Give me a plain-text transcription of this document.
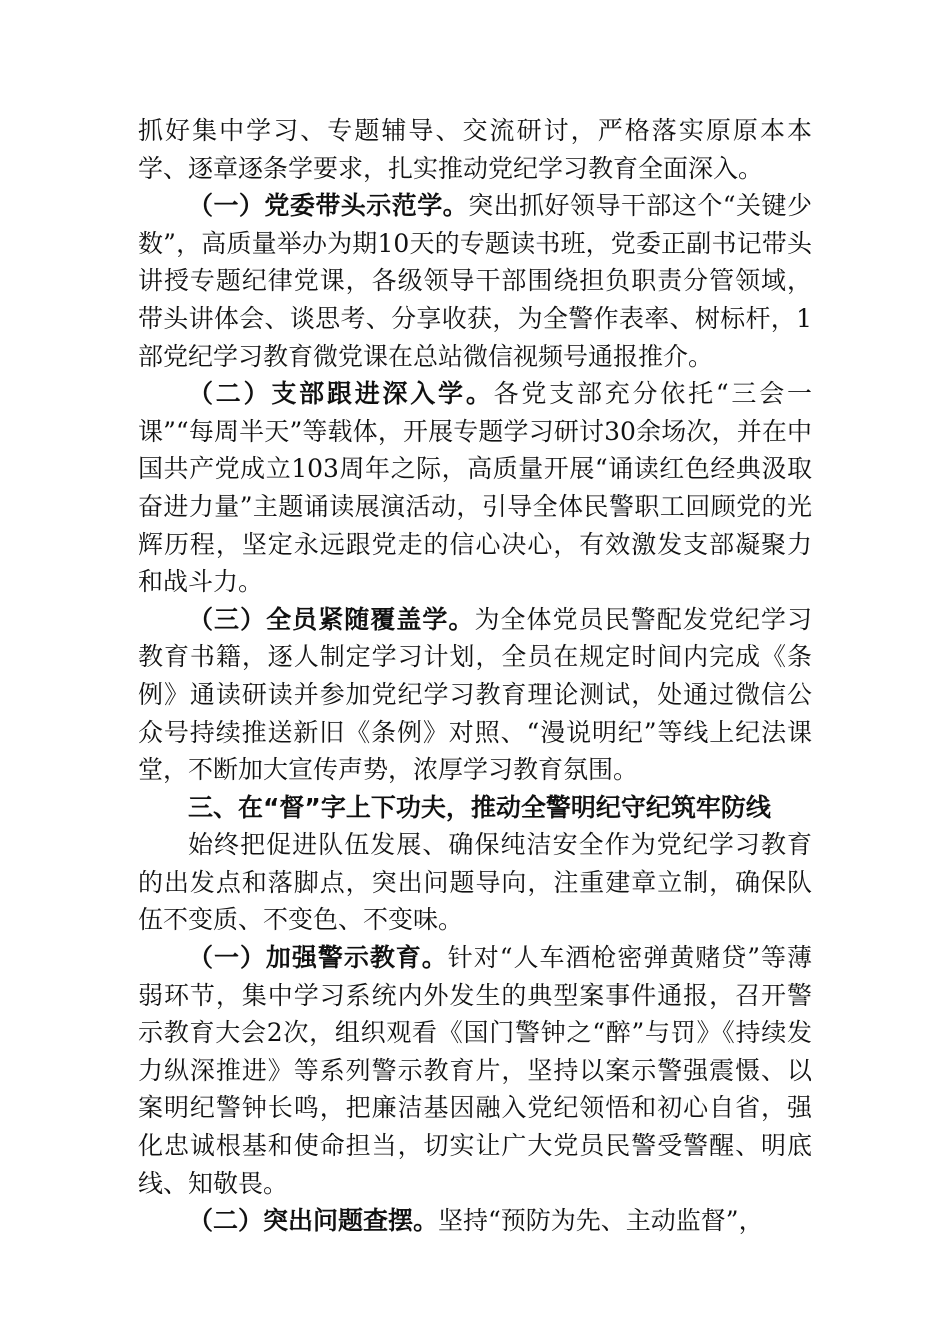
抓好集中学习、专题辅导、交流研讨，严格落实原原本本学、逐章逐条学要求，扎实推动党纪学习教育全面深入。

（一）党委带头示范学。突出抓好领导干部这个“关键少数”，高质量举办为期10天的专题读书班，党委正副书记带头讲授专题纪律党课，各级领导干部围绕担负职责分管领域，带头讲体会、谈思考、分享收获，为全警作表率、树标杆，1部党纪学习教育微党课在总站微信视频号通报推介。

（二）支部跟进深入学。各党支部充分依托“三会一课”“每周半天”等载体，开展专题学习研讨30余场次，并在中国共产党成立103周年之际，高质量开展“诵读红色经典汲取奋进力量”主题诵读展演活动，引导全体民警职工回顾党的光辉历程，坚定永远跟党走的信心决心，有效激发支部凝聚力和战斗力。

（三）全员紧随覆盖学。为全体党员民警配发党纪学习教育书籍，逐人制定学习计划，全员在规定时间内完成《条例》通读研读并参加党纪学习教育理论测试，处通过微信公众号持续推送新旧《条例》对照、“漫说明纪”等线上纪法课堂，不断加大宣传声势，浓厚学习教育氛围。

三、在“督”字上下功夫，推动全警明纪守纪筑牢防线

始终把促进队伍发展、确保纯洁安全作为党纪学习教育的出发点和落脚点，突出问题导向，注重建章立制，确保队伍不变质、不变色、不变味。

（一）加强警示教育。针对“人车酒枪密弹黄赌贷”等薄弱环节，集中学习系统内外发生的典型案事件通报，召开警示教育大会2次，组织观看《国门警钟之“醉”与罚》《持续发力纵深推进》等系列警示教育片，坚持以案示警强震慑、以案明纪警钟长鸣，把廉洁基因融入党纪领悟和初心自省，强化忠诚根基和使命担当，切实让广大党员民警受警醒、明底线、知敬畏。

（二）突出问题查摆。坚持“预防为先、主动监督”，
